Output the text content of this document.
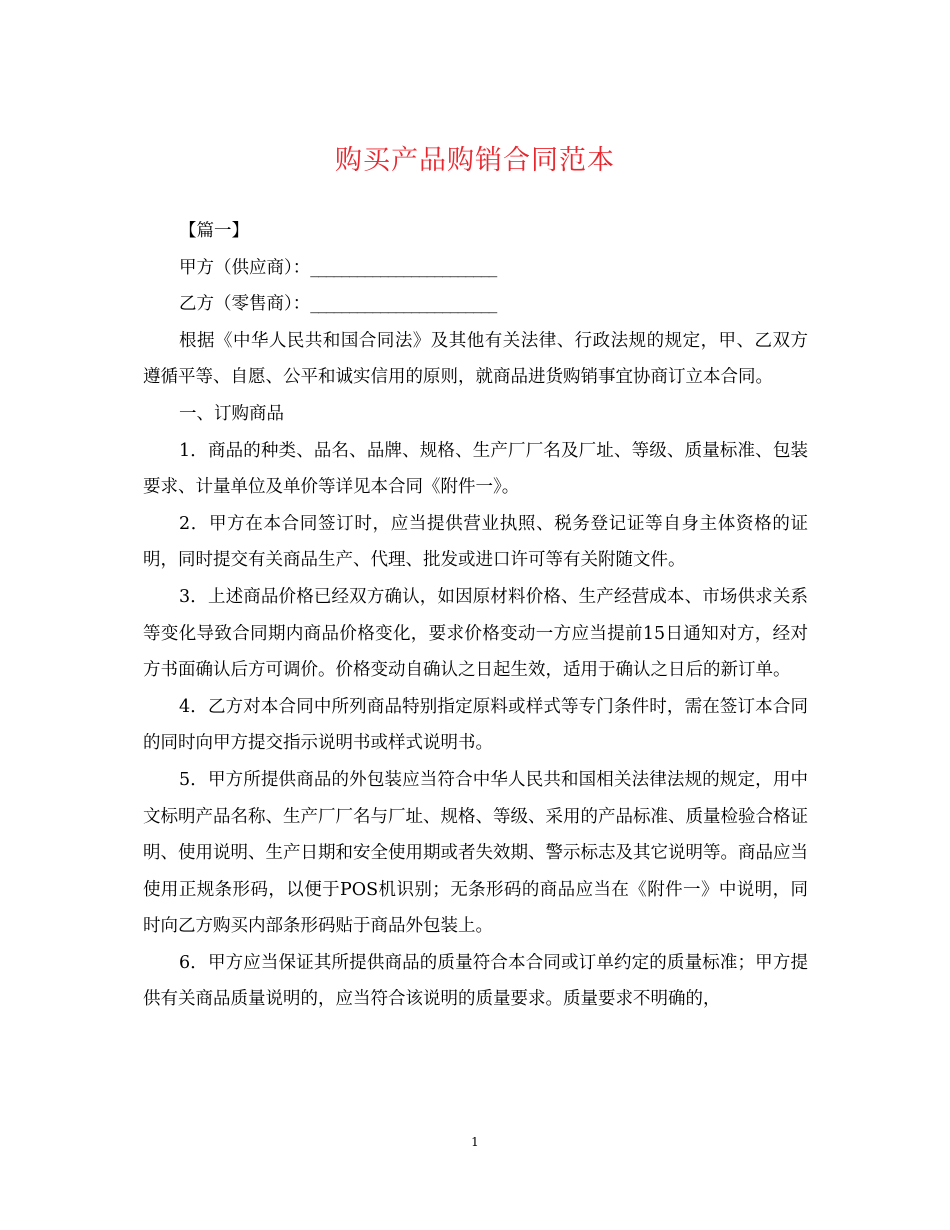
购买产品购销合同范本

【篇一】

甲方（供应商）：________________________

乙方（零售商）：________________________

根据《中华人民共和国合同法》及其他有关法律、行政法规的规定，甲、乙双方遵循平等、自愿、公平和诚实信用的原则，就商品进货购销事宜协商订立本合同。

一、订购商品

1．商品的种类、品名、品牌、规格、生产厂厂名及厂址、等级、质量标准、包装要求、计量单位及单价等详见本合同《附件一》。

2．甲方在本合同签订时，应当提供营业执照、税务登记证等自身主体资格的证明，同时提交有关商品生产、代理、批发或进口许可等有关附随文件。

3．上述商品价格已经双方确认，如因原材料价格、生产经营成本、市场供求关系等变化导致合同期内商品价格变化，要求价格变动一方应当提前15日通知对方，经对方书面确认后方可调价。价格变动自确认之日起生效，适用于确认之日后的新订单。

4．乙方对本合同中所列商品特别指定原料或样式等专门条件时，需在签订本合同的同时向甲方提交指示说明书或样式说明书。

5．甲方所提供商品的外包装应当符合中华人民共和国相关法律法规的规定，用中文标明产品名称、生产厂厂名与厂址、规格、等级、采用的产品标准、质量检验合格证明、使用说明、生产日期和安全使用期或者失效期、警示标志及其它说明等。商品应当使用正规条形码，以便于POS机识别；无条形码的商品应当在《附件一》中说明，同时向乙方购买内部条形码贴于商品外包装上。

6．甲方应当保证其所提供商品的质量符合本合同或订单约定的质量标准；甲方提供有关商品质量说明的，应当符合该说明的质量要求。质量要求不明确的，

1
